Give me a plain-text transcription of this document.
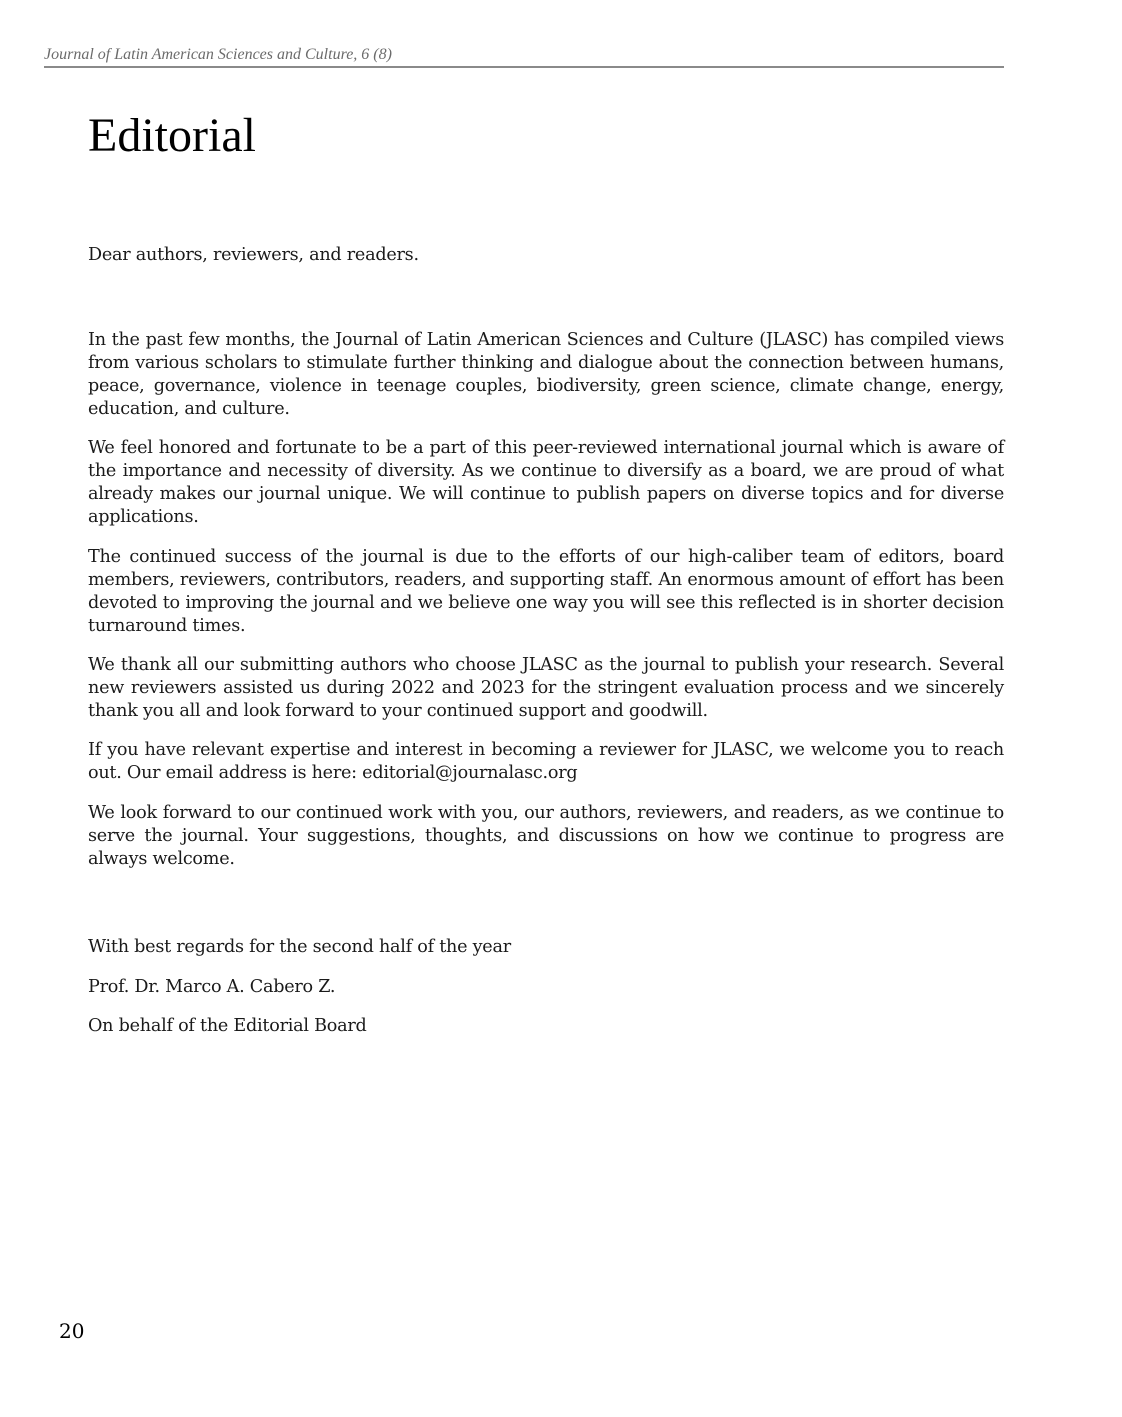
Journal of Latin American Sciences and Culture, 6 (8)
Editorial

Dear authors, reviewers, and readers.

In the past few months, the Journal of Latin American Sciences and Culture (JLASC) has compiled views from various scholars to stimulate further thinking and dialogue about the connection between humans, peace, governance, violence in teenage couples, biodiversity, green science, climate change, energy, education, and culture.

We feel honored and fortunate to be a part of this peer-reviewed international journal which is aware of the importance and necessity of diversity. As we continue to diversify as a board, we are proud of what already makes our journal unique. We will continue to publish papers on diverse topics and for diverse applications.

The continued success of the journal is due to the efforts of our high-caliber team of editors, board members, reviewers, contributors, readers, and supporting staff. An enormous amount of effort has been devoted to improving the journal and we believe one way you will see this reflected is in shorter decision turnaround times.

We thank all our submitting authors who choose JLASC as the journal to publish your research. Several new reviewers assisted us during 2022 and 2023 for the stringent evaluation process and we sincerely thank you all and look forward to your continued support and goodwill.

If you have relevant expertise and interest in becoming a reviewer for JLASC, we welcome you to reach out. Our email address is here: editorial@journalasc.org

We look forward to our continued work with you, our authors, reviewers, and readers, as we continue to serve the journal. Your suggestions, thoughts, and discussions on how we continue to progress are always welcome.

With best regards for the second half of the year

Prof. Dr. Marco A. Cabero Z.

On behalf of the Editorial Board

20
